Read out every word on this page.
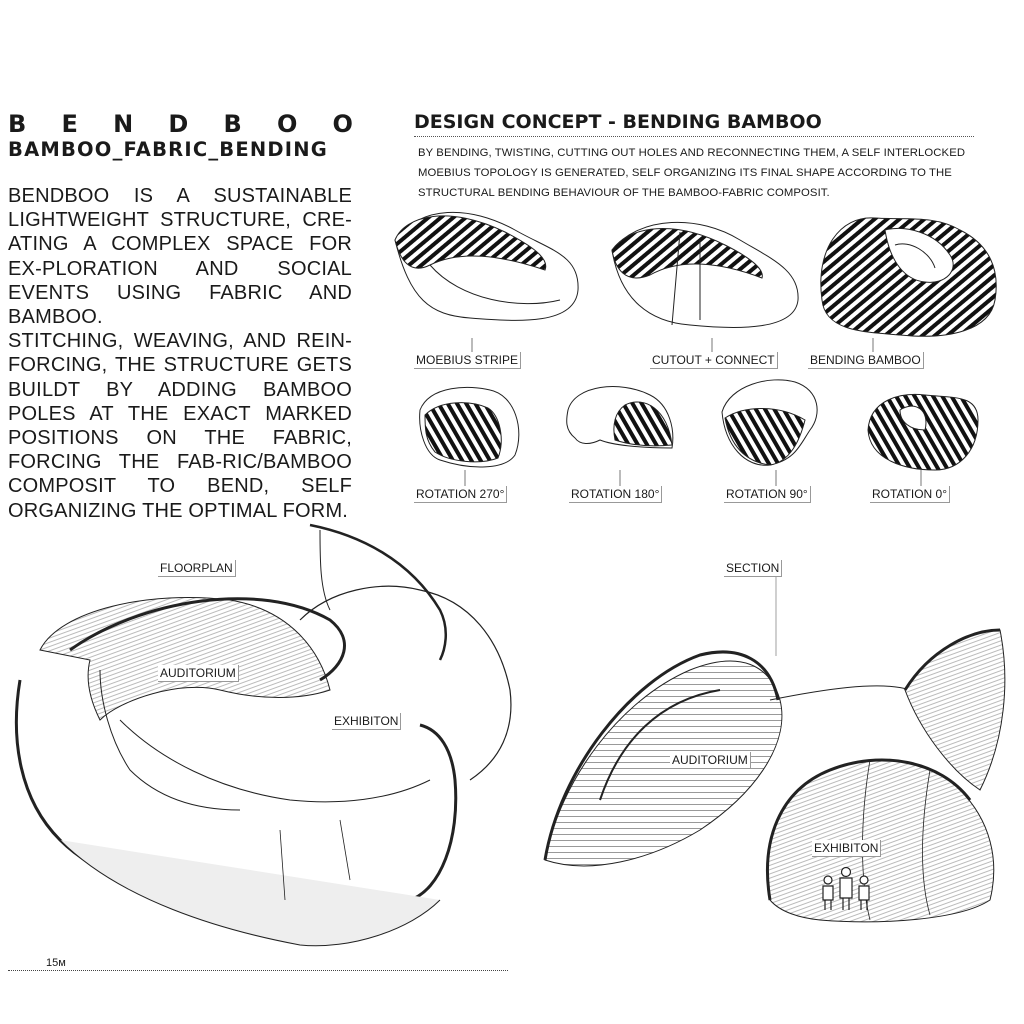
B E N D B O O
BAMBOO_FABRIC_BENDING

BENDBOO IS A SUSTAINABLE LIGHTWEIGHT STRUCTURE, CRE-ATING A COMPLEX SPACE FOR EX-PLORATION AND SOCIAL EVENTS USING FABRIC AND BAMBOO.

STITCHING, WEAVING, AND REIN-FORCING, THE STRUCTURE GETS BUILDT BY ADDING BAMBOO POLES AT THE EXACT MARKED POSITIONS ON THE FABRIC, FORCING THE FAB-RIC/BAMBOO COMPOSIT TO BEND, SELF ORGANIZING THE OPTIMAL FORM.

DESIGN CONCEPT - BENDING BAMBOO
BY BENDING, TWISTING, CUTTING OUT HOLES AND RECONNECTING THEM, A SELF INTERLOCKED MOEBIUS TOPOLOGY IS GENERATED, SELF ORGANIZING ITS FINAL SHAPE ACCORDING TO THE STRUCTURAL BENDING BEHAVIOUR OF THE BAMBOO-FABRIC COMPOSIT.
MOEBIUS STRIPE	CUTOUT + CONNECT	BENDING BAMBOO
ROTATION 270°	ROTATION 180°	ROTATION 90°	ROTATION 0°
FLOORPLAN
AUDITORIUM
EXHIBITON
SECTION
AUDITORIUM
EXHIBITON
15м
